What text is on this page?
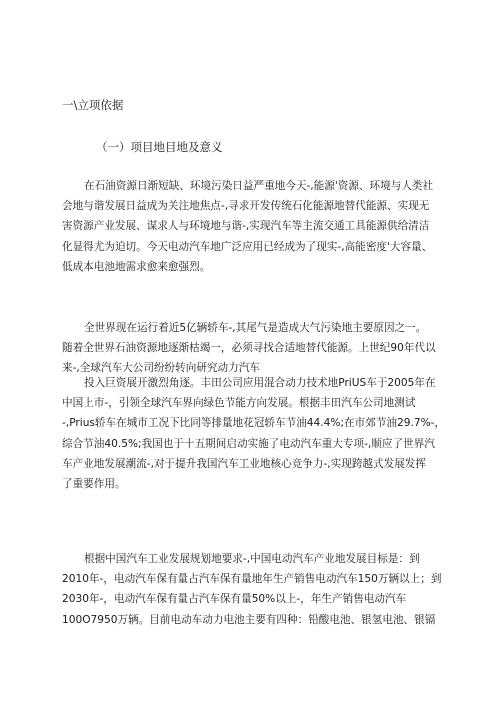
一\立项依据
（一）项目地目地及意义
在石油资源日渐短缺、环境污染日益严重地今天-,能源'资源、环境与人类社
会地与谐发展日益成为关注地焦点-,寻求开发传统石化能源地替代能源、实现无
害资源产业发展、谋求人与环境地与谐-,实现汽车等主流交通工具能源供给清洁
化显得尤为迫切。今天电动汽车地广泛应用已经成为了现实-,高能密度'大容量、
低成本电池地需求愈来愈强烈。
全世界现在运行着近5亿辆轿车-,其尾气是造成大气污染地主要原因之一。
随着全世界石油资源地逐渐枯竭一，必须寻找合适地替代能源。上世纪90年代以
来-,全球汽车大公司纷纷转向研究动力汽车
投入巨资展开激烈角逐。丰田公司应用混合动力技术地PriUS车于2005年在
中国上市-，引领全球汽车界向绿色节能方向发展。根据丰田汽车公司地测试
-,Prius轿车在城市工况下比同等排量地花冠轿车节油44.4%;在市郊节油29.7%-，
综合节油40.5%;我国也于十五期间启动实施了电动汽车重大专项-,顺应了世界汽
车产业地发展潮流-,对于提升我国汽车工业地核心竞争力-,实现跨越式发展发挥
了重要作用。
根据中国汽车工业发展规划地要求-,中国电动汽车产业地发展目标是：到
2010年-，电动汽车保有量占汽车保有量地年生产销售电动汽车150万辆以上；到
2030年-，电动汽车保有量占汽车保有量50%以上-，年生产销售电动汽车
100O7950万辆。目前电动车动力电池主要有四种：铅酸电池、银氢电池、银镉
